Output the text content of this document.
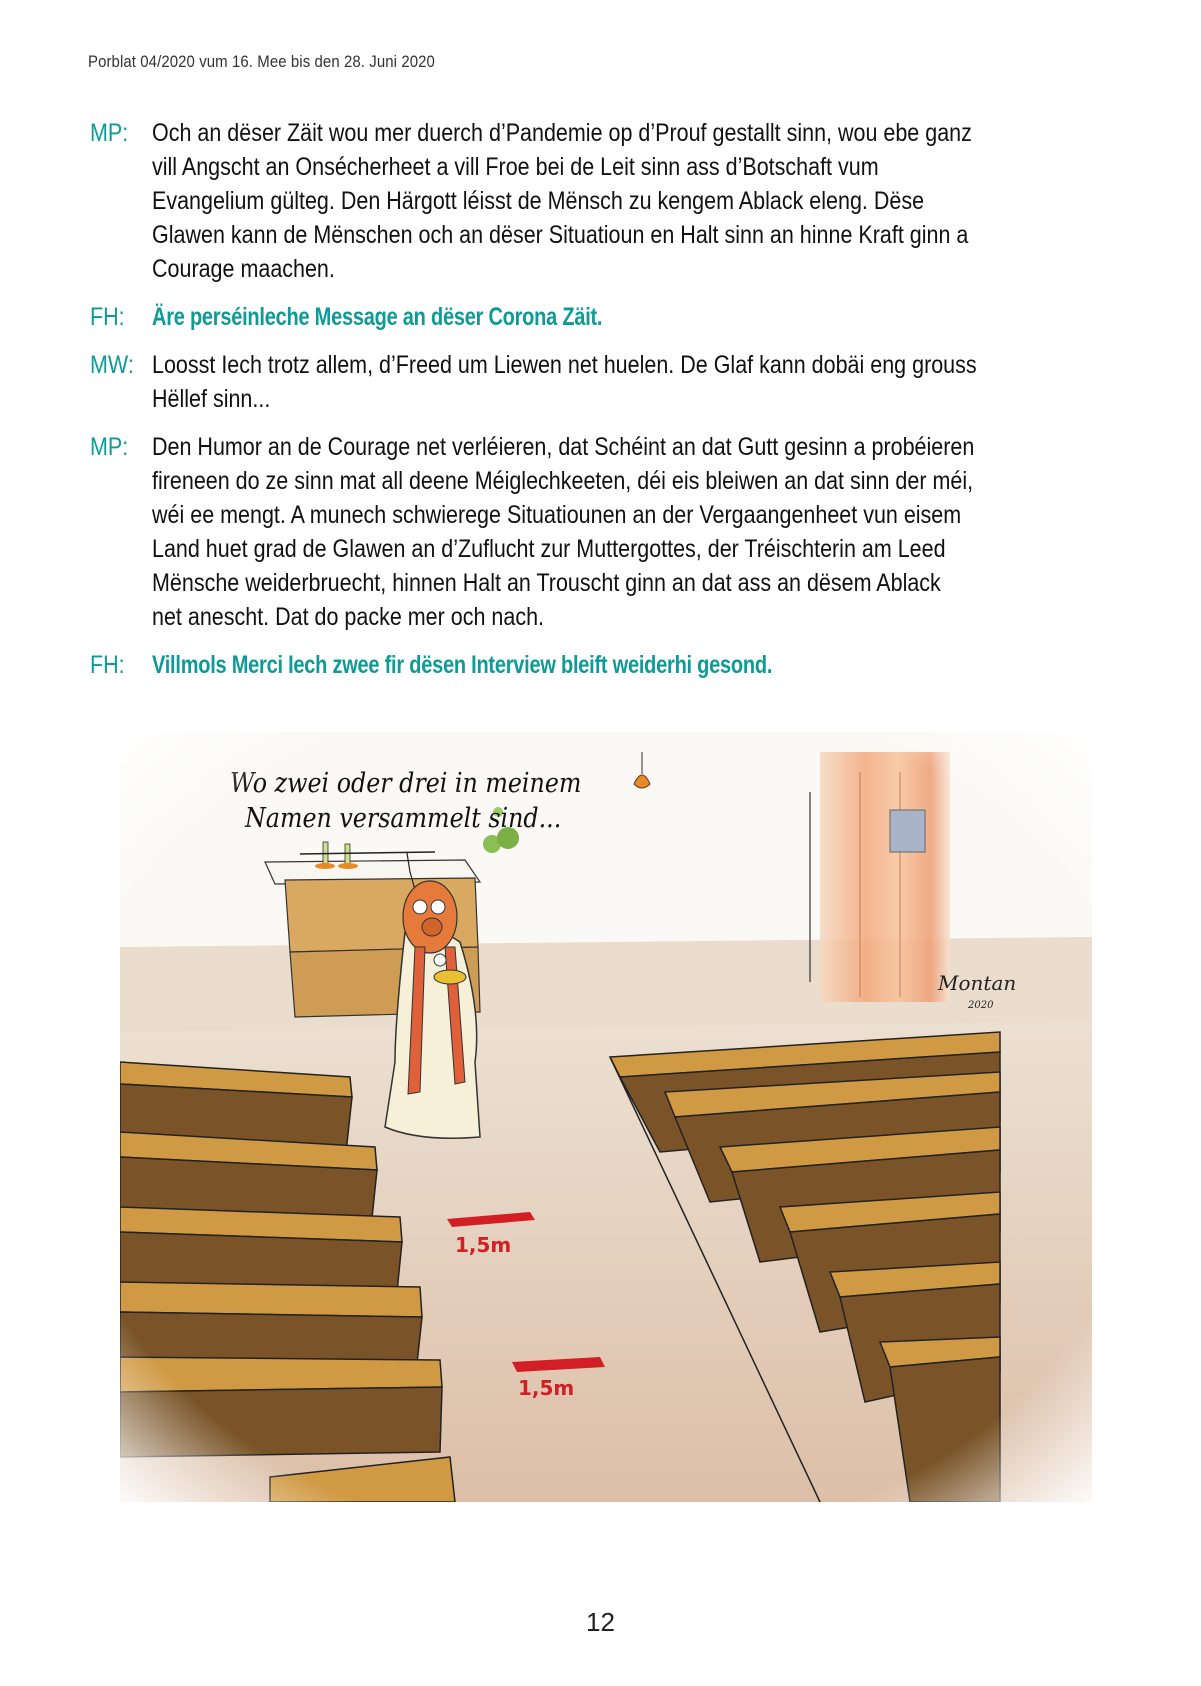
Porblat 04/2020 vum 16. Mee bis den 28. Juni 2020
MP: Och an dëser Zäit wou mer duerch d’Pandemie op d’Prouf gestallt sinn, wou ebe ganz
vill Angscht an Onsécherheet a vill Froe bei de Leit sinn ass d’Botschaft vum
Evangelium gülteg. Den Härgott léisst de Mënsch zu kengem Ablack eleng. Dëse
Glawen kann de Mënschen och an dëser Situatioun en Halt sinn an hinne Kraft ginn a
Courage maachen.
FH:	Äre perséinleche Message an dëser Corona Zäit.
MW: Loosst Iech trotz allem, d’Freed um Liewen net huelen. De Glaf kann dobäi eng grouss
Hëllef sinn...
MP: Den Humor an de Courage net verléieren, dat Schéint an dat Gutt gesinn a probéieren
fireneen do ze sinn mat all deene Méiglechkeeten, déi eis bleiwen an dat sinn der méi,
wéi ee mengt. A munech schwierege Situatiounen an der Vergaangenheet vun eisem
Land huet grad de Glawen an d’Zuflucht zur Muttergottes, der Tréischterin am Leed
Mënsche weiderbruecht, hinnen Halt an Trouscht ginn an dat ass an dësem Ablack
net anescht. Dat do packe mer och nach.
FH:	Villmols Merci Iech zwee fir dësen Interview bleift weiderhi gesond.
12
